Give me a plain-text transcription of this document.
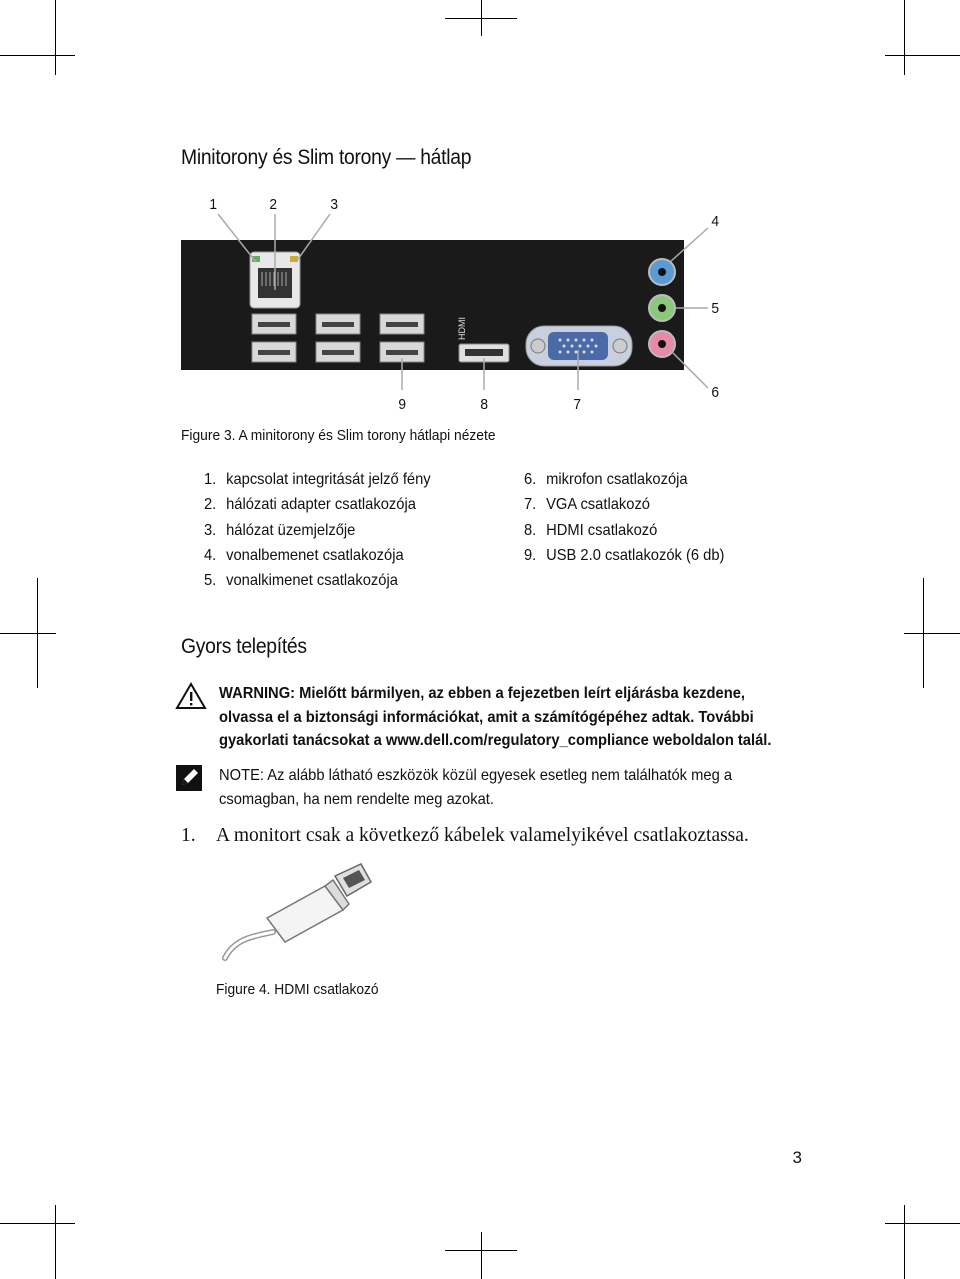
Minitorony és Slim torony — hátlap
HDMI
1	2	3
4
5
6
7
8
9
Figure 3. A minitorony és Slim torony hátlapi nézete
1. kapcsolat integritását jelző fény
2. hálózati adapter csatlakozója
3. hálózat üzemjelzője
4. vonalbemenet csatlakozója
5. vonalkimenet csatlakozója
6. mikrofon csatlakozója
7. VGA csatlakozó
8. HDMI csatlakozó
9. USB 2.0 csatlakozók (6 db)
Gyors telepítés
WARNING: Mielőtt bármilyen, az ebben a fejezetben leírt eljárásba kezdene, olvassa el a biztonsági információkat, amit a számítógépéhez adtak. További gyakorlati tanácsokat a www.dell.com/regulatory_compliance weboldalon talál.
NOTE: Az alább látható eszközök közül egyesek esetleg nem találhatók meg a csomagban, ha nem rendelte meg azokat.
1. A monitort csak a következő kábelek valamelyikével csatlakoztassa.
Figure 4. HDMI csatlakozó
3
